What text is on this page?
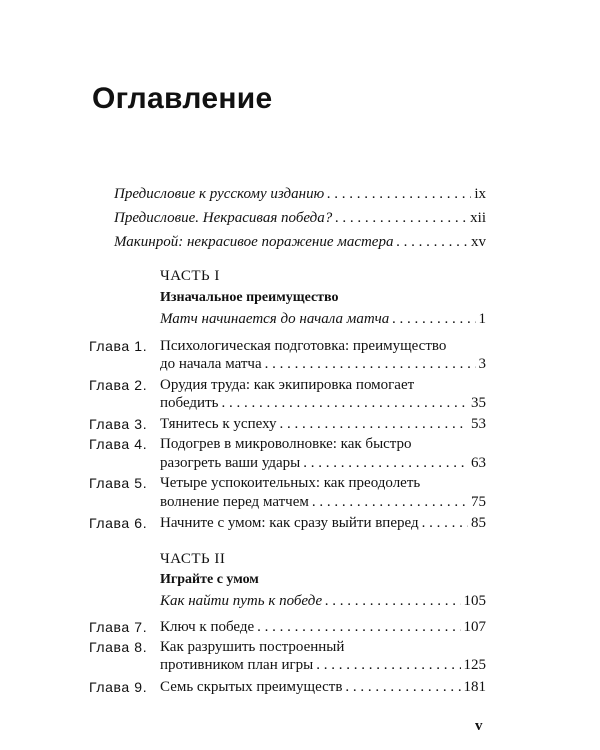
Оглавление
Предисловие к русскому изданию . . .	ix
Предисловие. Некрасивая победа? . . .	xii
Макинрой: некрасивое поражение мастера . . .	xv
ЧАСТЬ I
Изначальное преимущество
Матч начинается до начала матча . . .	1
Глава 1. Психологическая подготовка: преимущество
до начала матча . . .	3
Глава 2. Орудия труда: как экипировка помогает
победить . . .	35
Глава 3. Тянитесь к успеху . . .	53
Глава 4. Подогрев в микроволновке: как быстро
разогреть ваши удары . . .	63
Глава 5. Четыре успокоительных: как преодолеть
волнение перед матчем . . .	75
Глава 6. Начните с умом: как сразу выйти вперед . . .	85
ЧАСТЬ II
Играйте с умом
Как найти путь к победе . . .	105
Глава 7. Ключ к победе . . .	107
Глава 8. Как разрушить построенный
противником план игры . . .	125
Глава 9. Семь скрытых преимуществ . . .	181
v
